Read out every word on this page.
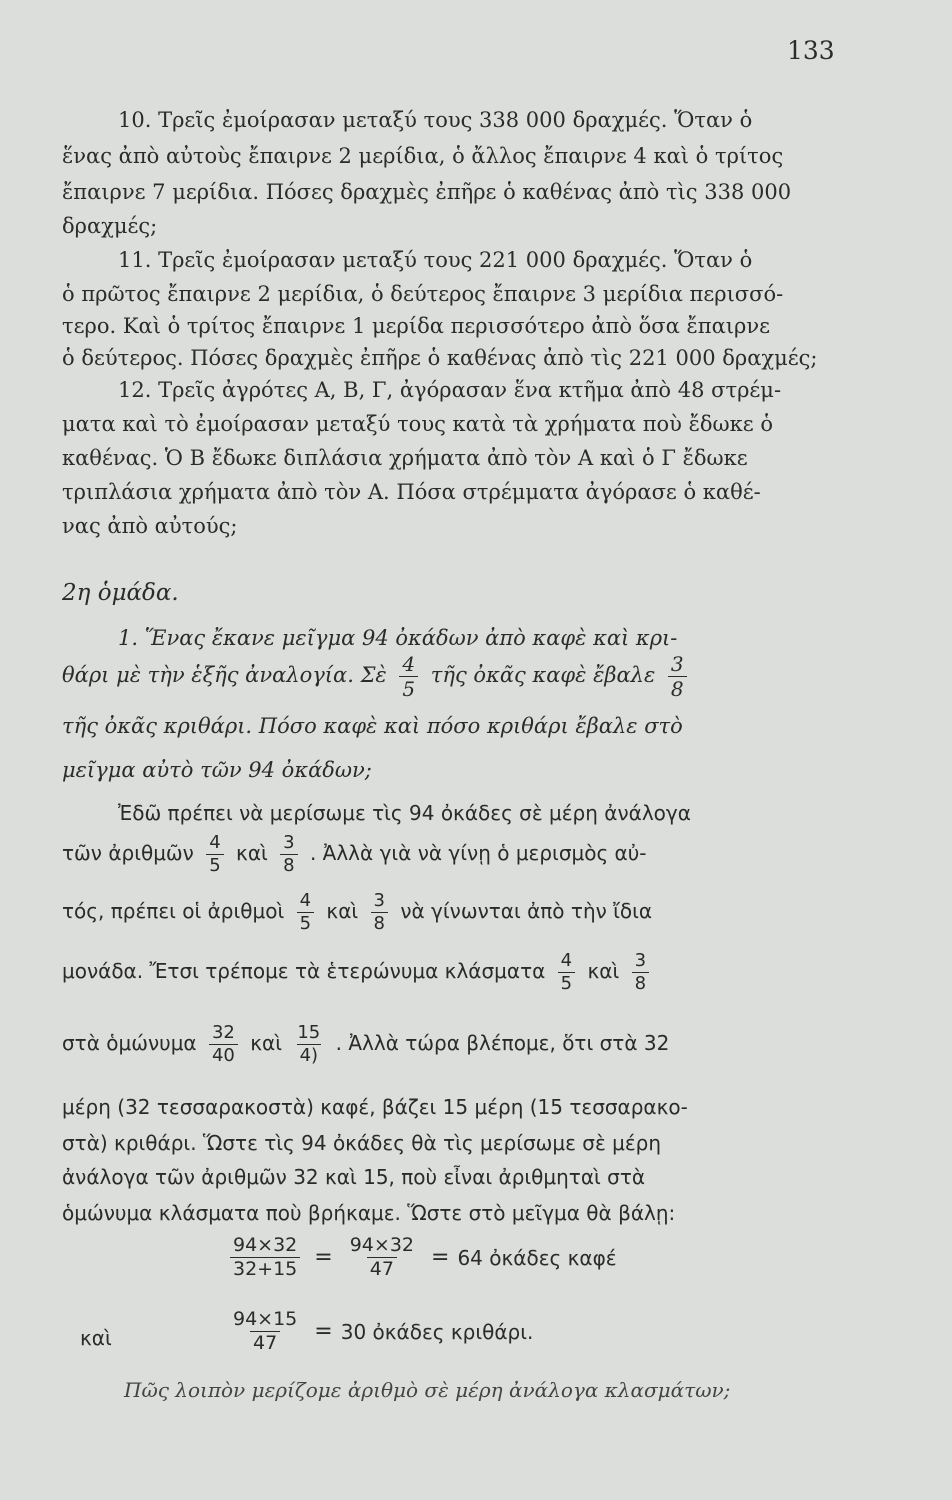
133
10. Τρεῖς ἐμοίρασαν μεταξύ τους 338 000 δραχμές. Ὅταν ὁ
ἕνας ἀπὸ αὐτοὺς ἔπαιρνε 2 μερίδια, ὁ ἄλλος ἔπαιρνε 4 καὶ ὁ τρίτος
ἔπαιρνε 7 μερίδια. Πόσες δραχμὲς ἐπῆρε ὁ καθένας ἀπὸ τὶς 338 000
δραχμές;
11. Τρεῖς ἐμοίρασαν μεταξύ τους 221 000 δραχμές. Ὅταν ὁ
ὁ πρῶτος ἔπαιρνε 2 μερίδια, ὁ δεύτερος ἔπαιρνε 3 μερίδια περισσό-
τερο. Καὶ ὁ τρίτος ἔπαιρνε 1 μερίδα περισσότερο ἀπὸ ὅσα ἔπαιρνε
ὁ δεύτερος. Πόσες δραχμὲς ἐπῆρε ὁ καθένας ἀπὸ τὶς 221 000 δραχμές;
12. Τρεῖς ἀγρότες Α, Β, Γ, ἀγόρασαν ἕνα κτῆμα ἀπὸ 48 στρέμ-
ματα καὶ τὸ ἐμοίρασαν μεταξύ τους κατὰ τὰ χρήματα ποὺ ἔδωκε ὁ
καθένας. Ὁ Β ἔδωκε διπλάσια χρήματα ἀπὸ τὸν Α καὶ ὁ Γ ἔδωκε
τριπλάσια χρήματα ἀπὸ τὸν Α. Πόσα στρέμματα ἀγόρασε ὁ καθέ-
νας ἀπὸ αὐτούς;
2η ὁμάδα.
1. Ἕνας ἔκανε μεῖγμα 94 ὀκάδων ἀπὸ καφὲ καὶ κρι-
θάρι μὲ τὴν ἑξῆς ἀναλογία. Σὲ $\frac{4}{5}$ τῆς ὀκᾶς καφὲ ἔβαλε $\frac{3}{8}$
τῆς ὀκᾶς κριθάρι. Πόσο καφὲ καὶ πόσο κριθάρι ἔβαλε στὸ
μεῖγμα αὐτὸ τῶν 94 ὀκάδων;
Ἐδῶ πρέπει νὰ μερίσωμε τὶς 94 ὀκάδες σὲ μέρη ἀνάλογα
τῶν ἀριθμῶν $\frac{4}{5}$ καὶ $\frac{3}{8}$ . Ἀλλὰ γιὰ νὰ γίνῃ ὁ μερισμὸς αὐ-
τός, πρέπει οἱ ἀριθμοὶ $\frac{4}{5}$ καὶ $\frac{3}{8}$ νὰ γίνωνται ἀπὸ τὴν ἴδια
μονάδα. Ἔτσι τρέπομε τὰ ἑτερώνυμα κλάσματα $\frac{4}{5}$ καὶ $\frac{3}{8}$
στὰ ὁμώνυμα $\frac{32}{40}$ καὶ $\frac{15}{4)}$ . Ἀλλὰ τώρα βλέπομε, ὅτι στὰ 32
μέρη (32 τεσσαρακοστὰ) καφέ, βάζει 15 μέρη (15 τεσσαρακο-
στὰ) κριθάρι. Ὥστε τὶς 94 ὀκάδες θὰ τὶς μερίσωμε σὲ μέρη
ἀνάλογα τῶν ἀριθμῶν 32 καὶ 15, ποὺ εἶναι ἀριθμηταὶ στὰ
ὁμώνυμα κλάσματα ποὺ βρήκαμε. Ὥστε στὸ μεῖγμα θὰ βάλῃ:
$\frac{94\times 32}{32+15} = \frac{94\times 32}{47} = 64$ ὀκάδες καφέ
καὶ	$\frac{94\times 15}{47} = 30$ ὀκάδες κριθάρι.
Πῶς λοιπὸν μερίζομε ἀριθμὸ σὲ μέρη ἀνάλογα κλασμάτων;
